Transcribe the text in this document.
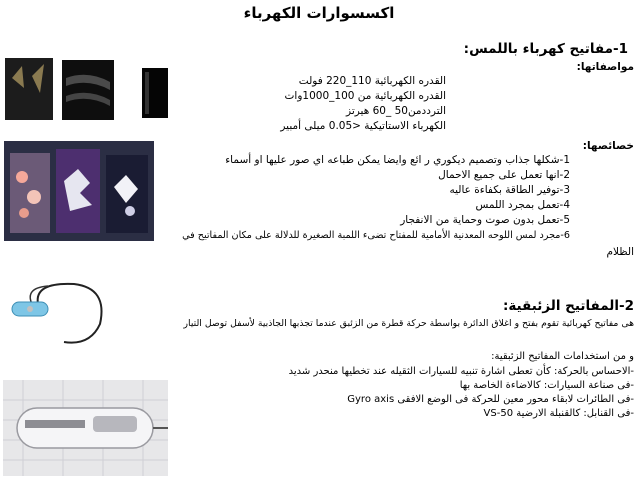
اكسسوارات الكهرباء
1-مفاتيح كهرباء باللمس:
مواصفاتها:
القدره الكهربائية 110_220 فولت
القدره الكهربائية من 100_1000وات
الترددمن50 _60 هيرتز
الكهرباء الاستاتيكية <0.05 ميلى أمبير
خصائصها:
1-شكلها جذاب وتصميم ديكوري ر ائع وايضا يمكن طباعه اي صور عليها او أسماء
2-انها تعمل على جميع الاحمال
3-توفير الطاقة بكفاءة عاليه
4-تعمل بمجرد اللمس
5-تعمل بدون صوت وحماية من الانفجار
6-مجرد لمس اللوحه المعدنية الأمامية للمفتاح تضىء اللمبة الصغيرة للدلالة على مكان المفاتيح في
الظلام
2-المفاتيح الزئبقية:
هى مفاتيح كهربائية تقوم بفتح و اغلاق الدائرة بواسطة حركة قطرة من الزئبق عندما تجذبها الجاذبية لأسفل توصل التيار
و من استخدامات المفاتيح الزئبقية:
-الاحساس بالحركة: كأن تعطى اشارة تنبيه للسيارات الثقيله عند تخطيها منحدر شديد
-فى صناعة السيارات: كالاضاءة الخاصة بها
-فى الطائرات لابقاء محور معين للحركة فى الوضع الافقى Gyro axis
-فى القنابل: كالقنبلة الارضية VS-50
